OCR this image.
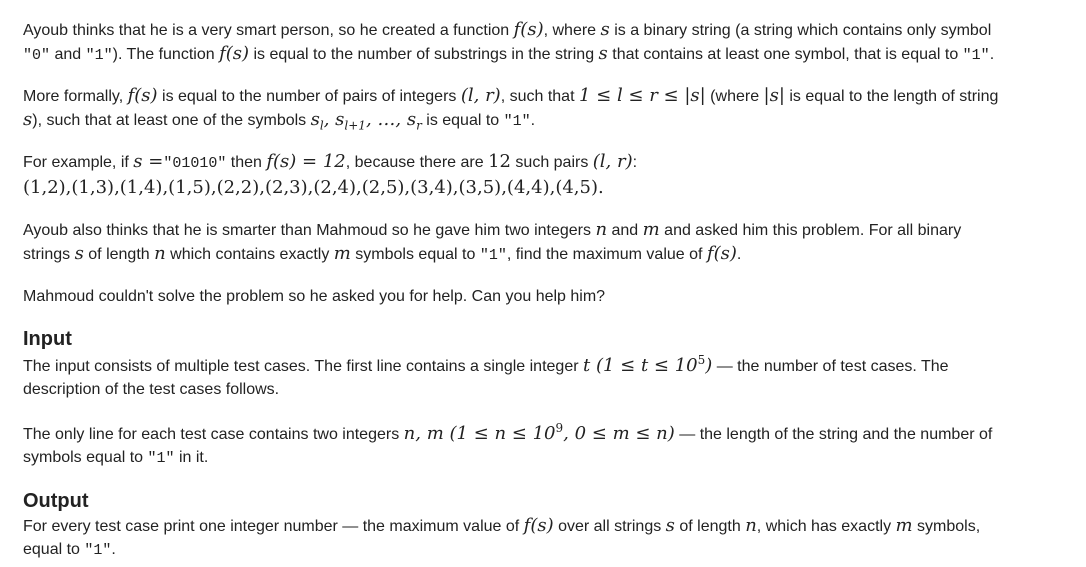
Ayoub thinks that he is a very smart person, so he created a function f(s), where s is a binary string (a string which contains only symbol
"0" and "1"). The function f(s) is equal to the number of substrings in the string s that contains at least one symbol, that is equal to "1".
More formally, f(s) is equal to the number of pairs of integers (l, r), such that 1 ≤ l ≤ r ≤ |s| (where |s| is equal to the length of string
s), such that at least one of the symbols $s_l$, $s_{l+1}$, …, $s_r$ is equal to "1".
For example, if s ="01010" then f(s) = 12, because there are 12 such pairs (l, r):
(1,2),(1,3),(1,4),(1,5),(2,2),(2,3),(2,4),(2,5),(3,4),(3,5),(4,4),(4,5).
Ayoub also thinks that he is smarter than Mahmoud so he gave him two integers n and m and asked him this problem. For all binary
strings s of length n which contains exactly m symbols equal to "1", find the maximum value of f(s).
Mahmoud couldn't solve the problem so he asked you for help. Can you help him?
Input
The input consists of multiple test cases. The first line contains a single integer t $(1 \le t \le 10^5)$ — the number of test cases. The
description of the test cases follows.
The only line for each test case contains two integers n, m ($1 \le n \le 10^9$, 0 ≤ m ≤ n) — the length of the string and the number of
symbols equal to "1" in it.
Output
For every test case print one integer number — the maximum value of f(s) over all strings s of length n, which has exactly m symbols,
equal to "1".
